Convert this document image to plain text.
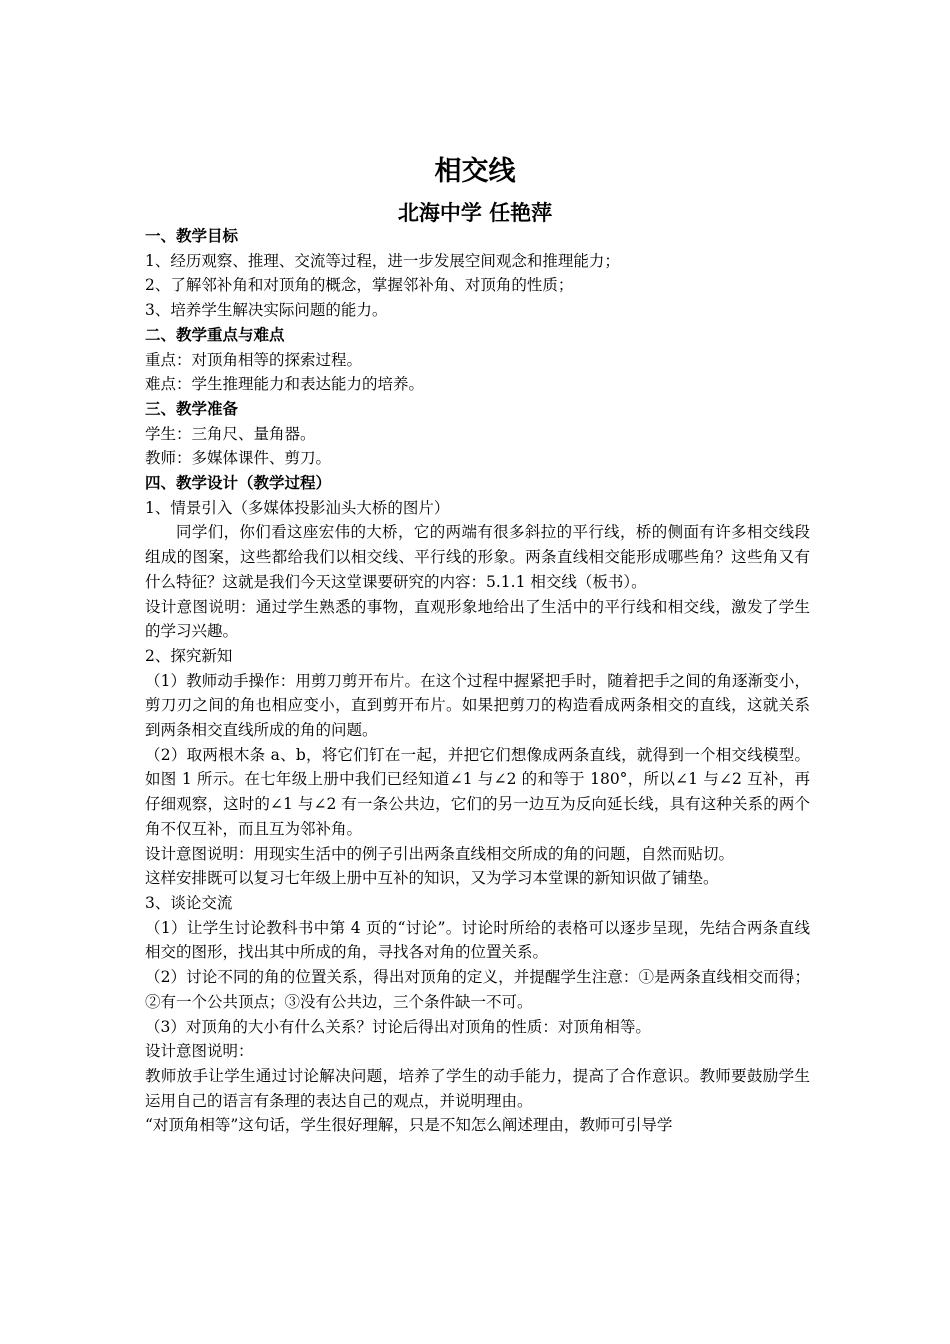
相交线
北海中学 任艳萍

一、教学目标

1、经历观察、推理、交流等过程，进一步发展空间观念和推理能力；

2、了解邻补角和对顶角的概念，掌握邻补角、对顶角的性质；

3、培养学生解决实际问题的能力。

二、教学重点与难点

重点：对顶角相等的探索过程。

难点：学生推理能力和表达能力的培养。

三、教学准备

学生：三角尺、量角器。

教师：多媒体课件、剪刀。

四、教学设计（教学过程）

1、情景引入（多媒体投影汕头大桥的图片）

同学们，你们看这座宏伟的大桥，它的两端有很多斜拉的平行线，桥的侧面有许多相交线段组成的图案，这些都给我们以相交线、平行线的形象。两条直线相交能形成哪些角？这些角又有什么特征？这就是我们今天这堂课要研究的内容：5.1.1 相交线（板书）。

设计意图说明：通过学生熟悉的事物，直观形象地给出了生活中的平行线和相交线，激发了学生的学习兴趣。

2、探究新知

（1）教师动手操作：用剪刀剪开布片。在这个过程中握紧把手时，随着把手之间的角逐渐变小，剪刀刃之间的角也相应变小，直到剪开布片。如果把剪刀的构造看成两条相交的直线，这就关系到两条相交直线所成的角的问题。

（2）取两根木条 a、b，将它们钉在一起，并把它们想像成两条直线，就得到一个相交线模型。如图 1 所示。在七年级上册中我们已经知道∠1 与∠2 的和等于 180°，所以∠1 与∠2 互补，再仔细观察，这时的∠1 与∠2 有一条公共边，它们的另一边互为反向延长线，具有这种关系的两个角不仅互补，而且互为邻补角。

设计意图说明：用现实生活中的例子引出两条直线相交所成的角的问题，自然而贴切。

这样安排既可以复习七年级上册中互补的知识，又为学习本堂课的新知识做了铺垫。

3、谈论交流

（1）让学生讨论教科书中第 4 页的“讨论”。讨论时所给的表格可以逐步呈现，先结合两条直线相交的图形，找出其中所成的角，寻找各对角的位置关系。

（2）讨论不同的角的位置关系，得出对顶角的定义，并提醒学生注意：①是两条直线相交而得；②有一个公共顶点；③没有公共边，三个条件缺一不可。

（3）对顶角的大小有什么关系？讨论后得出对顶角的性质：对顶角相等。

设计意图说明：

教师放手让学生通过讨论解决问题，培养了学生的动手能力，提高了合作意识。教师要鼓励学生运用自己的语言有条理的表达自己的观点，并说明理由。

“对顶角相等”这句话，学生很好理解，只是不知怎么阐述理由，教师可引导学
